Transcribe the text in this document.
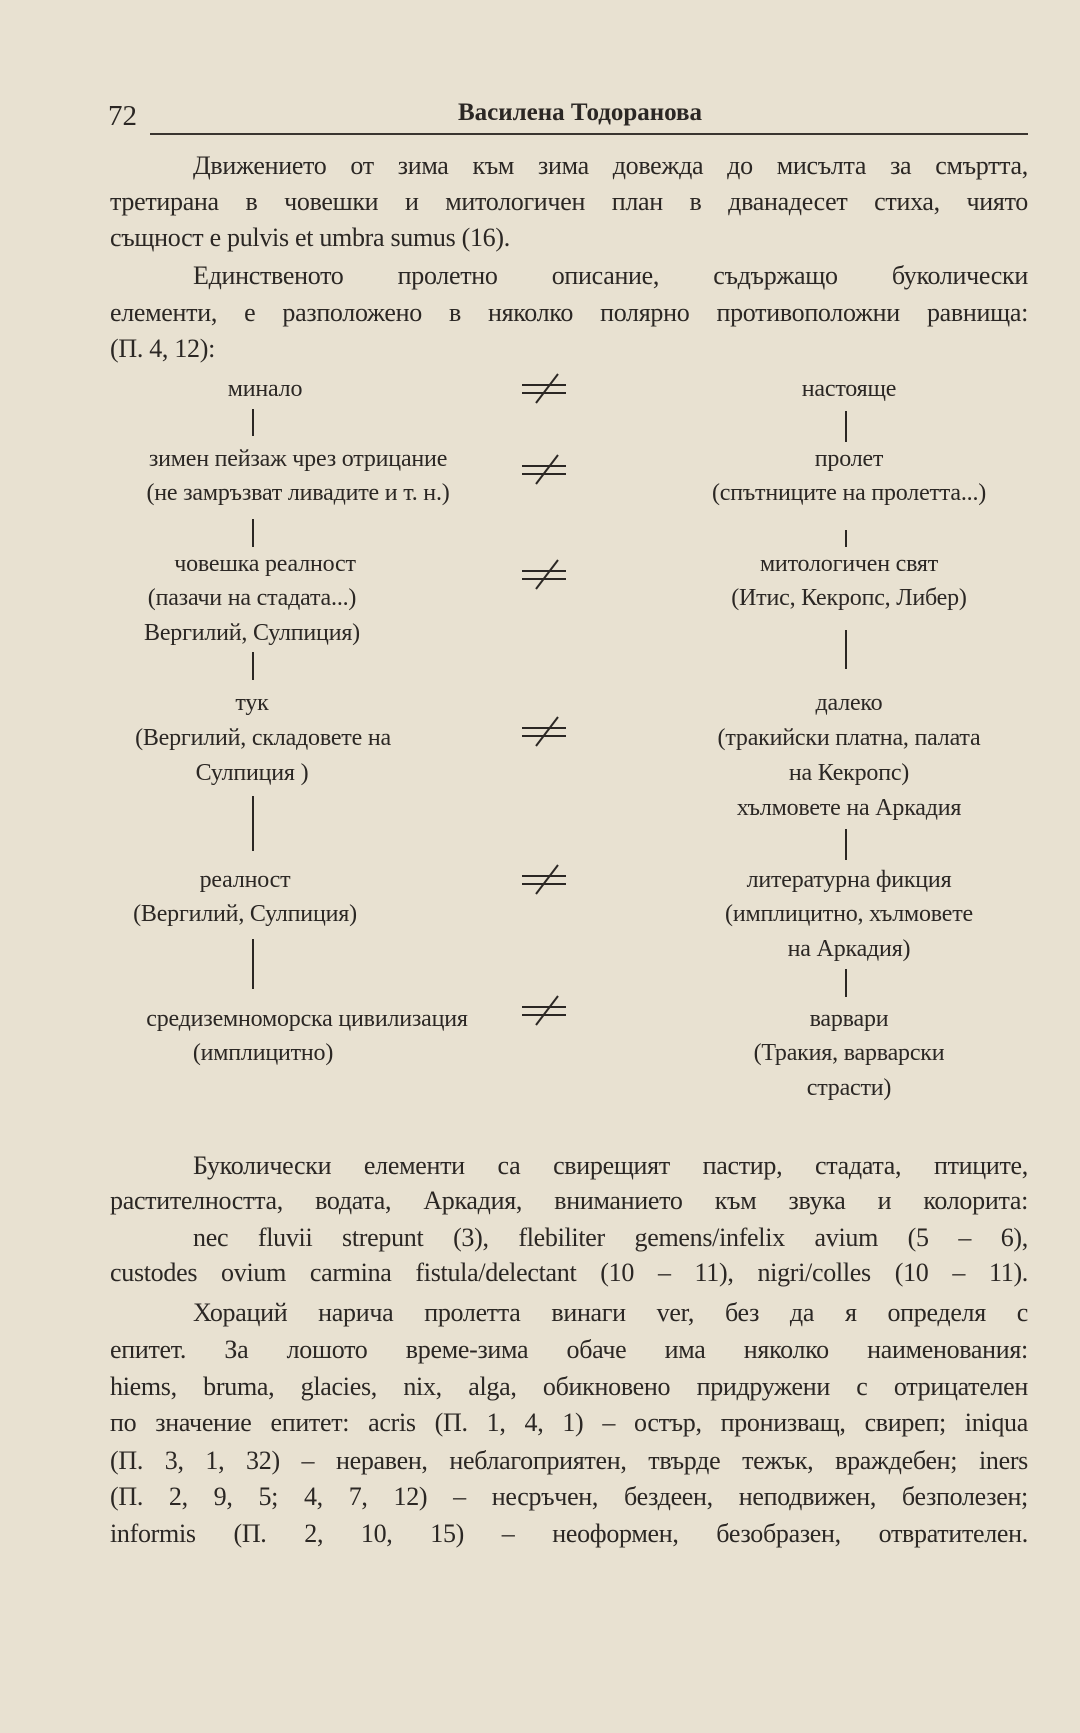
72	Василена Тодоранова
Движението от зима към зима довежда до мисълта за смъртта,
третирана в човешки и митологичен план в дванадесет стиха, чиято
същност е pulvis et umbra sumus (16).
Единственото пролетно описание, съдържащо буколически
елементи, е разположено в няколко полярно противоположни равнища:
(П. 4, 12):
минало
зимен пейзаж чрез отрицание
(не замръзват ливадите и т. н.)
човешка реалност
(пазачи на стадата...)
Вергилий, Сулпиция)
тук
(Вергилий, складовете на
Сулпиция )
реалност
(Вергилий, Сулпиция)
средиземноморска цивилизация
(имплицитно)
настояще
пролет
(спътниците на пролетта...)
митологичен свят
(Итис, Кекропс, Либер)
далеко
(тракийски платна, палата
на Кекропс)
хълмовете на Аркадия
литературна фикция
(имплицитно, хълмовете
на Аркадия)
варвари
(Тракия, варварски
страсти)
Буколически елементи са свирещият пастир, стадата, птиците,
растителността, водата, Аркадия, вниманието към звука и колорита:
nec fluvii strepunt (3), flebiliter gemens/infelix avium (5 – 6),
custodes ovium carmina fistula/delectant (10 – 11), nigri/colles (10 – 11).
Хораций нарича пролетта винаги ver, без да я определя с
епитет. За лошото време-зима обаче има няколко наименования:
hiems, bruma, glacies, nix, alga, обикновено придружени с отрицателен
по значение епитет: acris (П. 1, 4, 1) – остър, пронизващ, свиреп; iniqua
(П. 3, 1, 32) – неравен, неблагоприятен, твърде тежък, враждебен; iners
(П. 2, 9, 5; 4, 7, 12) – несръчен, бездеен, неподвижен, безполезен;
informis (П. 2, 10, 15) – неоформен, безобразен, отвратителен.
